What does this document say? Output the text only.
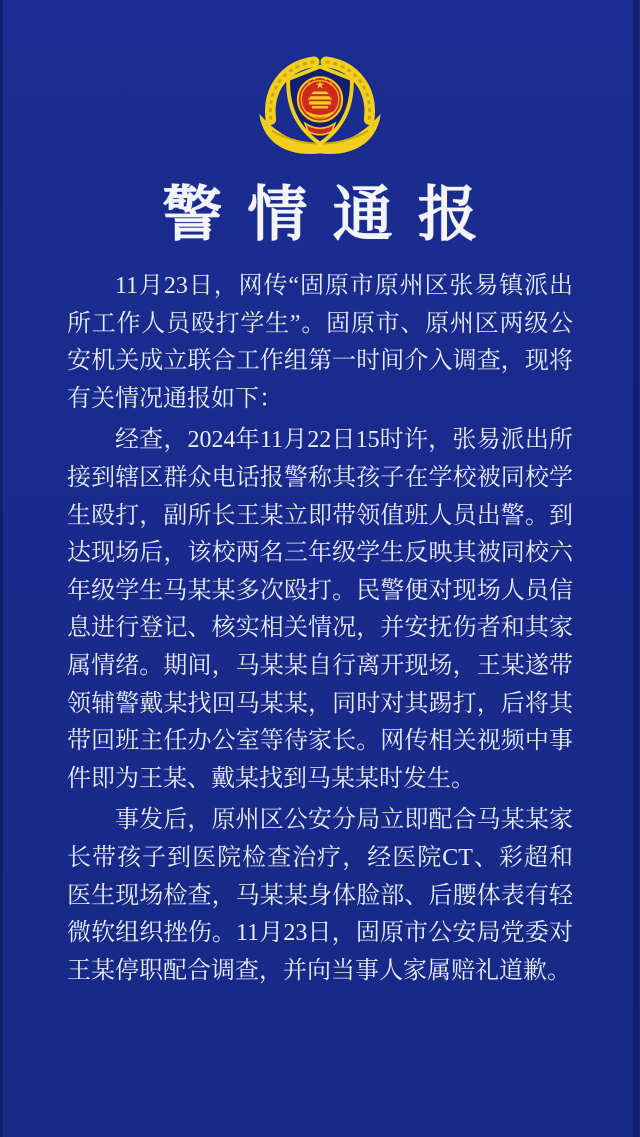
警情通报

11月23日，网传“固原市原州区张易镇派出所工作人员殴打学生”。固原市、原州区两级公安机关成立联合工作组第一时间介入调查，现将有关情况通报如下：

经查，2024年11月22日15时许，张易派出所接到辖区群众电话报警称其孩子在学校被同校学生殴打，副所长王某立即带领值班人员出警。到达现场后，该校两名三年级学生反映其被同校六年级学生马某某多次殴打。民警便对现场人员信息进行登记、核实相关情况，并安抚伤者和其家属情绪。期间，马某某自行离开现场，王某遂带领辅警戴某找回马某某，同时对其踢打，后将其带回班主任办公室等待家长。网传相关视频中事件即为王某、戴某找到马某某时发生。

事发后，原州区公安分局立即配合马某某家长带孩子到医院检查治疗，经医院CT、彩超和医生现场检查，马某某身体脸部、后腰体表有轻微软组织挫伤。11月23日，固原市公安局党委对王某停职配合调查，并向当事人家属赔礼道歉。
